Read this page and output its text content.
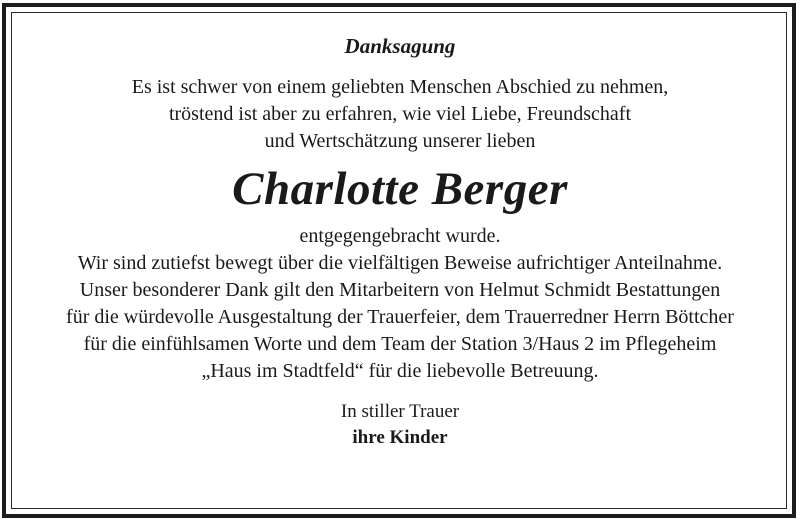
Danksagung
Es ist schwer von einem geliebten Menschen Abschied zu nehmen,
tröstend ist aber zu erfahren, wie viel Liebe, Freundschaft
und Wertschätzung unserer lieben
Charlotte Berger
entgegengebracht wurde.
Wir sind zutiefst bewegt über die vielfältigen Beweise aufrichtiger Anteilnahme.
Unser besonderer Dank gilt den Mitarbeitern von Helmut Schmidt Bestattungen
für die würdevolle Ausgestaltung der Trauerfeier, dem Trauerredner Herrn Böttcher
für die einfühlsamen Worte und dem Team der Station 3/Haus 2 im Pflegeheim
„Haus im Stadtfeld“ für die liebevolle Betreuung.
In stiller Trauer
ihre Kinder
